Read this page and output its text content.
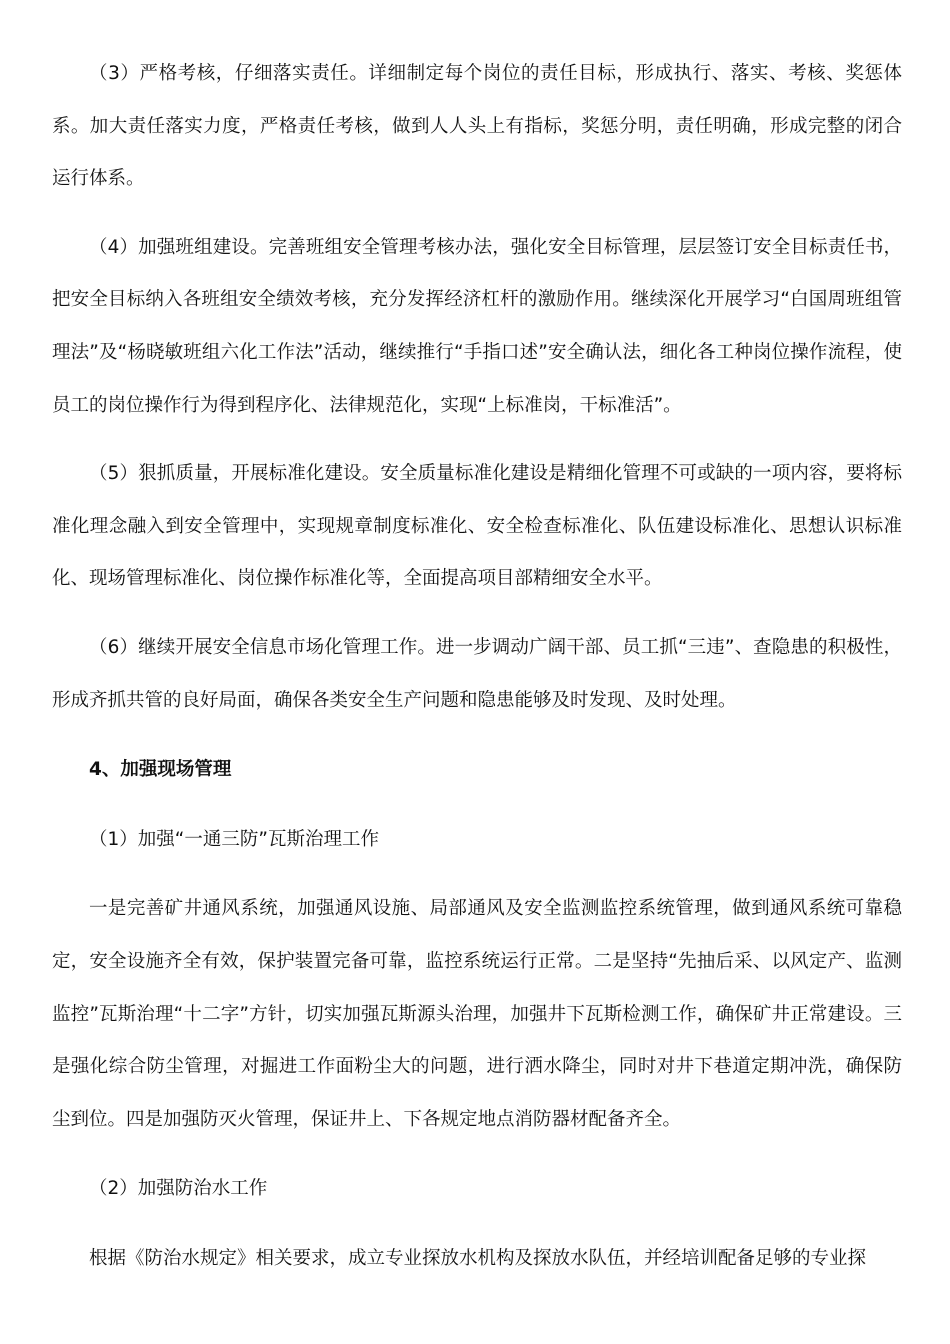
（3）严格考核，仔细落实责任。详细制定每个岗位的责任目标，形成执行、落实、考核、奖惩体系。加大责任落实力度，严格责任考核，做到人人头上有指标，奖惩分明，责任明确，形成完整的闭合运行体系。

（4）加强班组建设。完善班组安全管理考核办法，强化安全目标管理，层层签订安全目标责任书，把安全目标纳入各班组安全绩效考核，充分发挥经济杠杆的激励作用。继续深化开展学习“白国周班组管理法”及“杨晓敏班组六化工作法”活动，继续推行“手指口述”安全确认法，细化各工种岗位操作流程，使员工的岗位操作行为得到程序化、法律规范化，实现“上标准岗，干标准活”。

（5）狠抓质量，开展标准化建设。安全质量标准化建设是精细化管理不可或缺的一项内容，要将标准化理念融入到安全管理中，实现规章制度标准化、安全检查标准化、队伍建设标准化、思想认识标准化、现场管理标准化、岗位操作标准化等，全面提高项目部精细安全水平。

（6）继续开展安全信息市场化管理工作。进一步调动广阔干部、员工抓“三违”、查隐患的积极性，形成齐抓共管的良好局面，确保各类安全生产问题和隐患能够及时发现、及时处理。

4、加强现场管理

（1）加强“一通三防”瓦斯治理工作

一是完善矿井通风系统，加强通风设施、局部通风及安全监测监控系统管理，做到通风系统可靠稳定，安全设施齐全有效，保护装置完备可靠，监控系统运行正常。二是坚持“先抽后采、以风定产、监测监控”瓦斯治理“十二字”方针，切实加强瓦斯源头治理，加强井下瓦斯检测工作，确保矿井正常建设。三是强化综合防尘管理，对掘进工作面粉尘大的问题，进行洒水降尘，同时对井下巷道定期冲洗，确保防尘到位。四是加强防灭火管理，保证井上、下各规定地点消防器材配备齐全。

（2）加强防治水工作

根据《防治水规定》相关要求，成立专业探放水机构及探放水队伍，并经培训配备足够的专业探
